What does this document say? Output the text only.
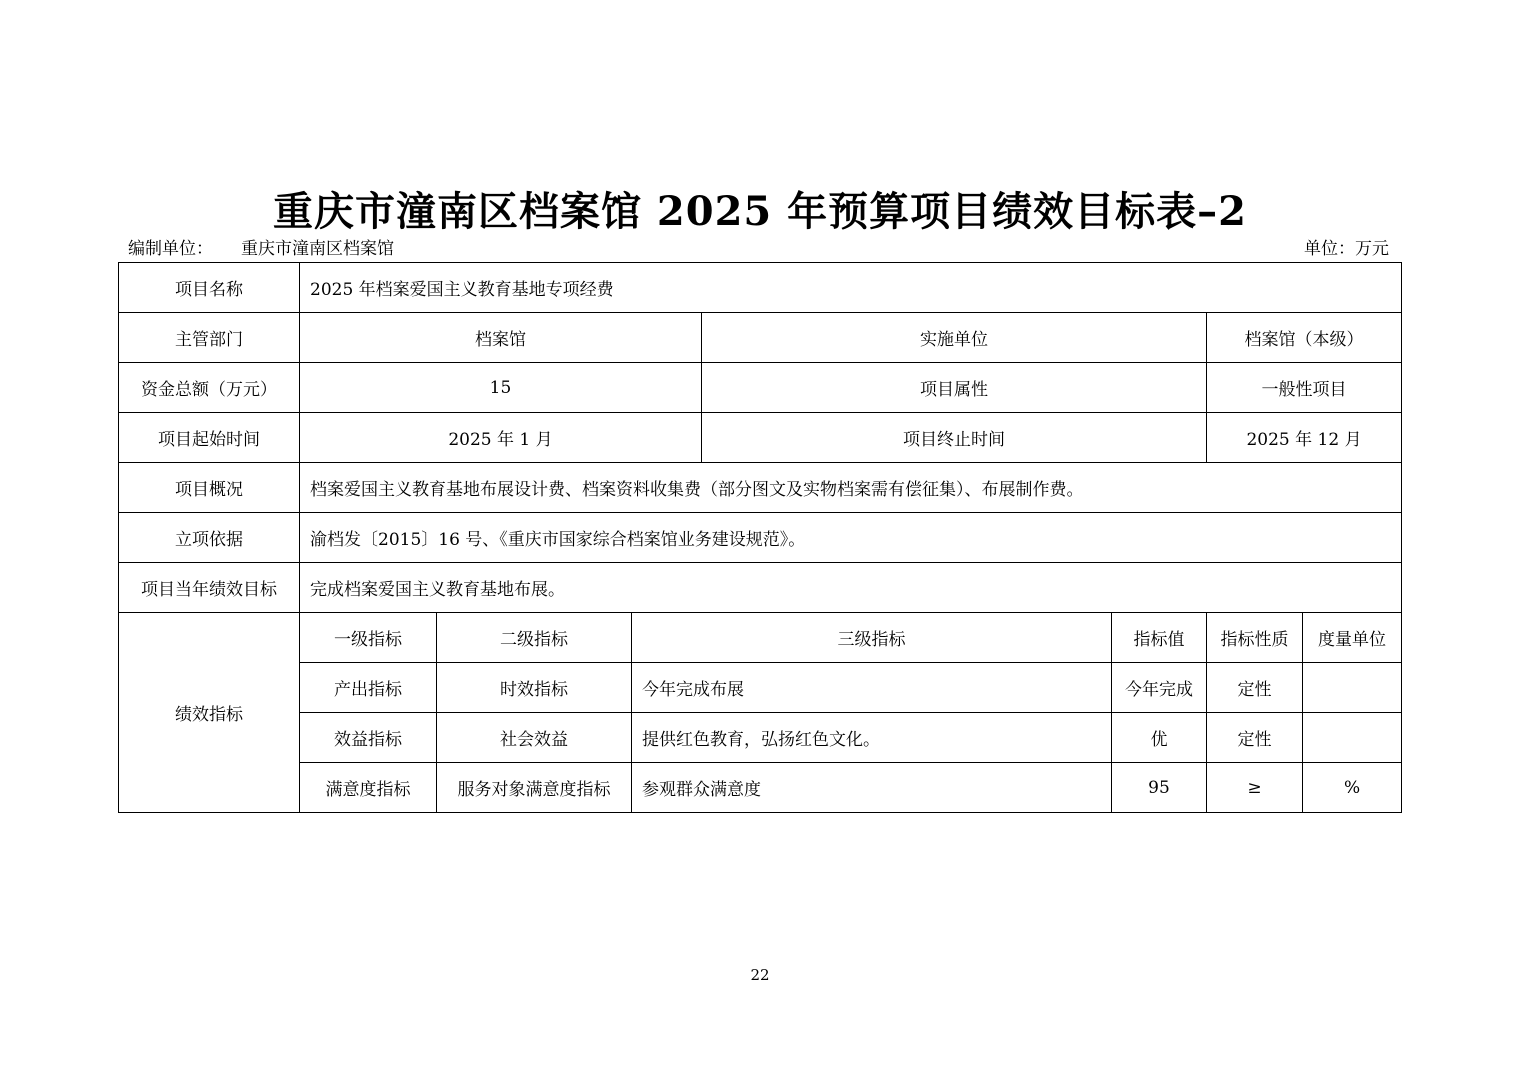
重庆市潼南区档案馆 2025 年预算项目绩效目标表–2
编制单位： 重庆市潼南区档案馆	单位：万元
项目名称	2025 年档案爱国主义教育基地专项经费						
主管部门	档案馆			实施单位		档案馆（本级）	
资金总额（万元）	15			项目属性		一般性项目	
项目起始时间	2025 年 1 月			项目终止时间		2025 年 12 月	
项目概况	档案爱国主义教育基地布展设计费、档案资料收集费（部分图文及实物档案需有偿征集）、布展制作费。						
立项依据	渝档发〔2015〕16 号、《重庆市国家综合档案馆业务建设规范》。						
项目当年绩效目标	完成档案爱国主义教育基地布展。						
绩效指标	一级指标	二级指标	三级指标		指标值	指标性质	度量单位
	产出指标	时效指标	今年完成布展		今年完成	定性	
	效益指标	社会效益	提供红色教育，弘扬红色文化。		优	定性	
	满意度指标	服务对象满意度指标	参观群众满意度		95	≥	%
22
